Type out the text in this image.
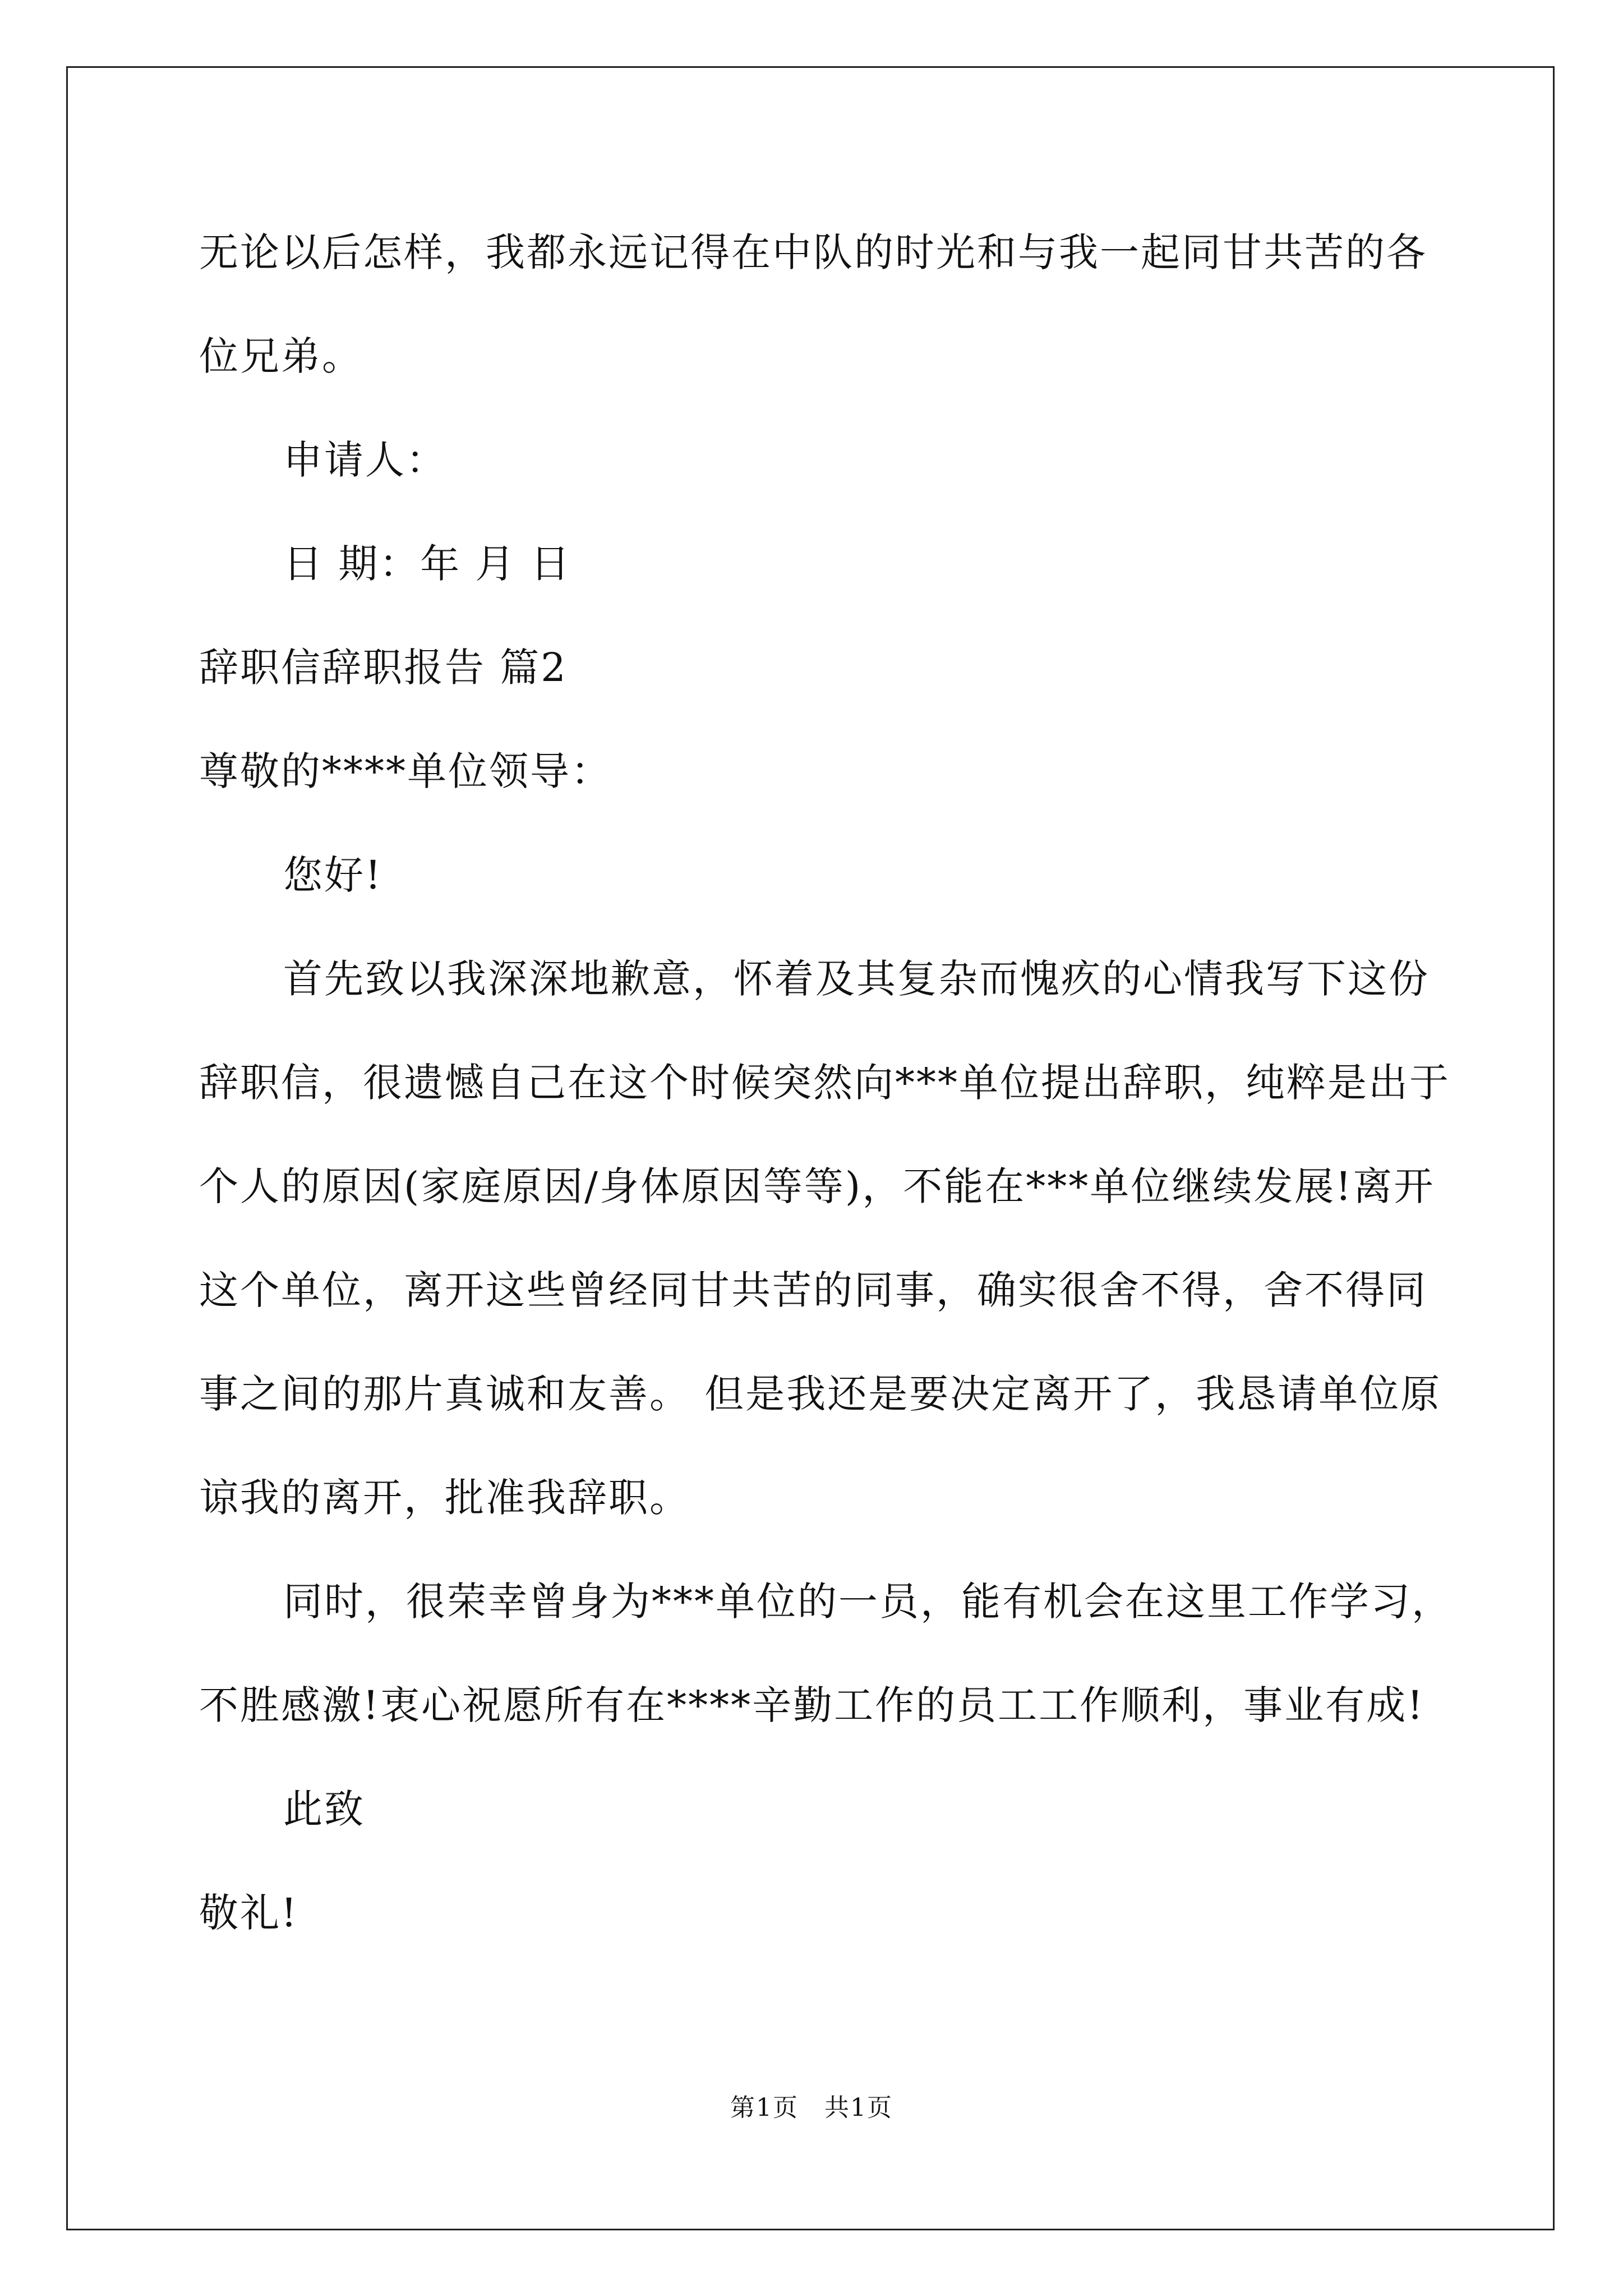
无论以后怎样，我都永远记得在中队的时光和与我一起同甘共苦的各
位兄弟。
申请人：
日 期：年 月 日
辞职信辞职报告 篇2
尊敬的****单位领导：
您好!
首先致以我深深地歉意，怀着及其复杂而愧疚的心情我写下这份
辞职信，很遗憾自己在这个时候突然向***单位提出辞职，纯粹是出于
个人的原因(家庭原因/身体原因等等)，不能在***单位继续发展!离开
这个单位，离开这些曾经同甘共苦的同事，确实很舍不得，舍不得同
事之间的那片真诚和友善。 但是我还是要决定离开了，我恳请单位原
谅我的离开，批准我辞职。
同时，很荣幸曾身为***单位的一员，能有机会在这里工作学习，
不胜感激!衷心祝愿所有在****辛勤工作的员工工作顺利，事业有成!
此致
敬礼!
第1页　共1页
